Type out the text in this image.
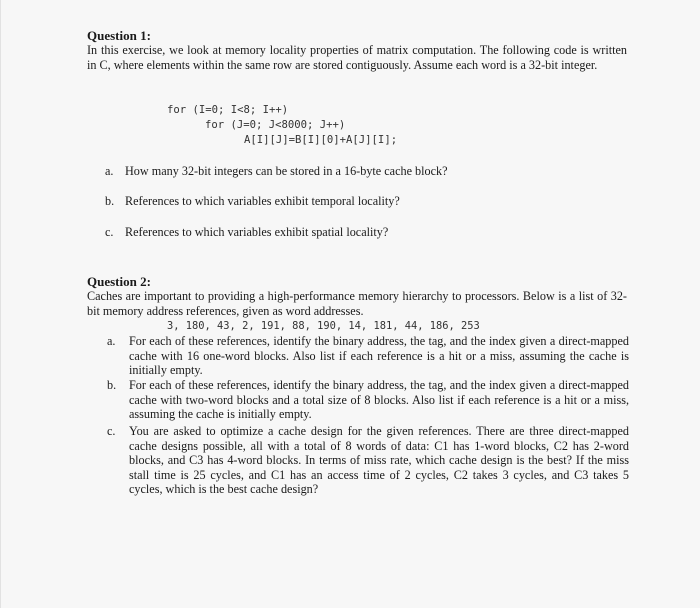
Question 1:

In this exercise, we look at memory locality properties of matrix computation. The following code is written in C, where elements within the same row are stored contiguously. Assume each word is a 32-bit integer.

for (I=0; I<8; I++)
for (J=0; J<8000; J++)
A[I][J]=B[I][0]+A[J][I];
a. How many 32-bit integers can be stored in a 16-byte cache block?
b. References to which variables exhibit temporal locality?
c. References to which variables exhibit spatial locality?

Question 2:

Caches are important to providing a high-performance memory hierarchy to processors. Below is a list of 32-bit memory address references, given as word addresses.

3, 180, 43, 2, 191, 88, 190, 14, 181, 44, 186, 253
a.	For each of these references, identify the binary address, the tag, and the index given a direct-mapped cache with 16 one-word blocks. Also list if each reference is a hit or a miss, assuming the cache is initially empty.
b.	For each of these references, identify the binary address, the tag, and the index given a direct-mapped cache with two-word blocks and a total size of 8 blocks. Also list if each reference is a hit or a miss, assuming the cache is initially empty.
c.	You are asked to optimize a cache design for the given references. There are three direct-mapped cache designs possible, all with a total of 8 words of data: C1 has 1-word blocks, C2 has 2-word blocks, and C3 has 4-word blocks. In terms of miss rate, which cache design is the best? If the miss stall time is 25 cycles, and C1 has an access time of 2 cycles, C2 takes 3 cycles, and C3 takes 5 cycles, which is the best cache design?
